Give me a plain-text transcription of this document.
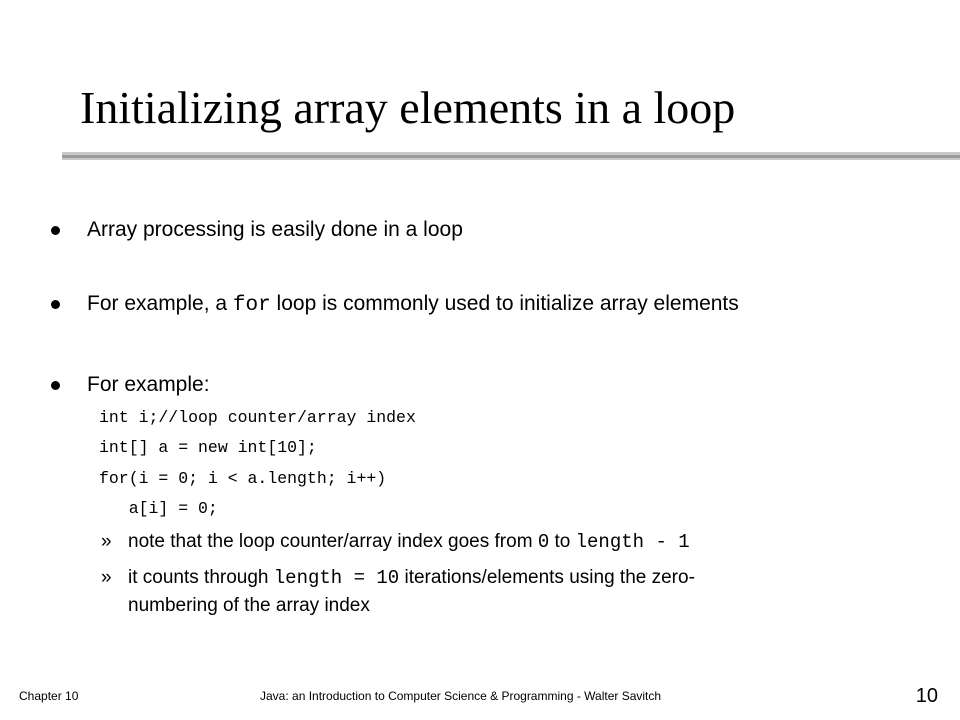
Initializing array elements in a loop
Array processing is easily done in a loop
For example, a for loop is commonly used to initialize array elements
For example:
int i;//loop counter/array index
int[] a = new int[10];
for(i = 0; i < a.length; i++)
a[i] = 0;
» note that the loop counter/array index goes from 0 to length - 1
» it counts through length = 10 iterations/elements using the zero-
numbering of the array index
Chapter 10	Java: an Introduction to Computer Science & Programming - Walter Savitch	10
